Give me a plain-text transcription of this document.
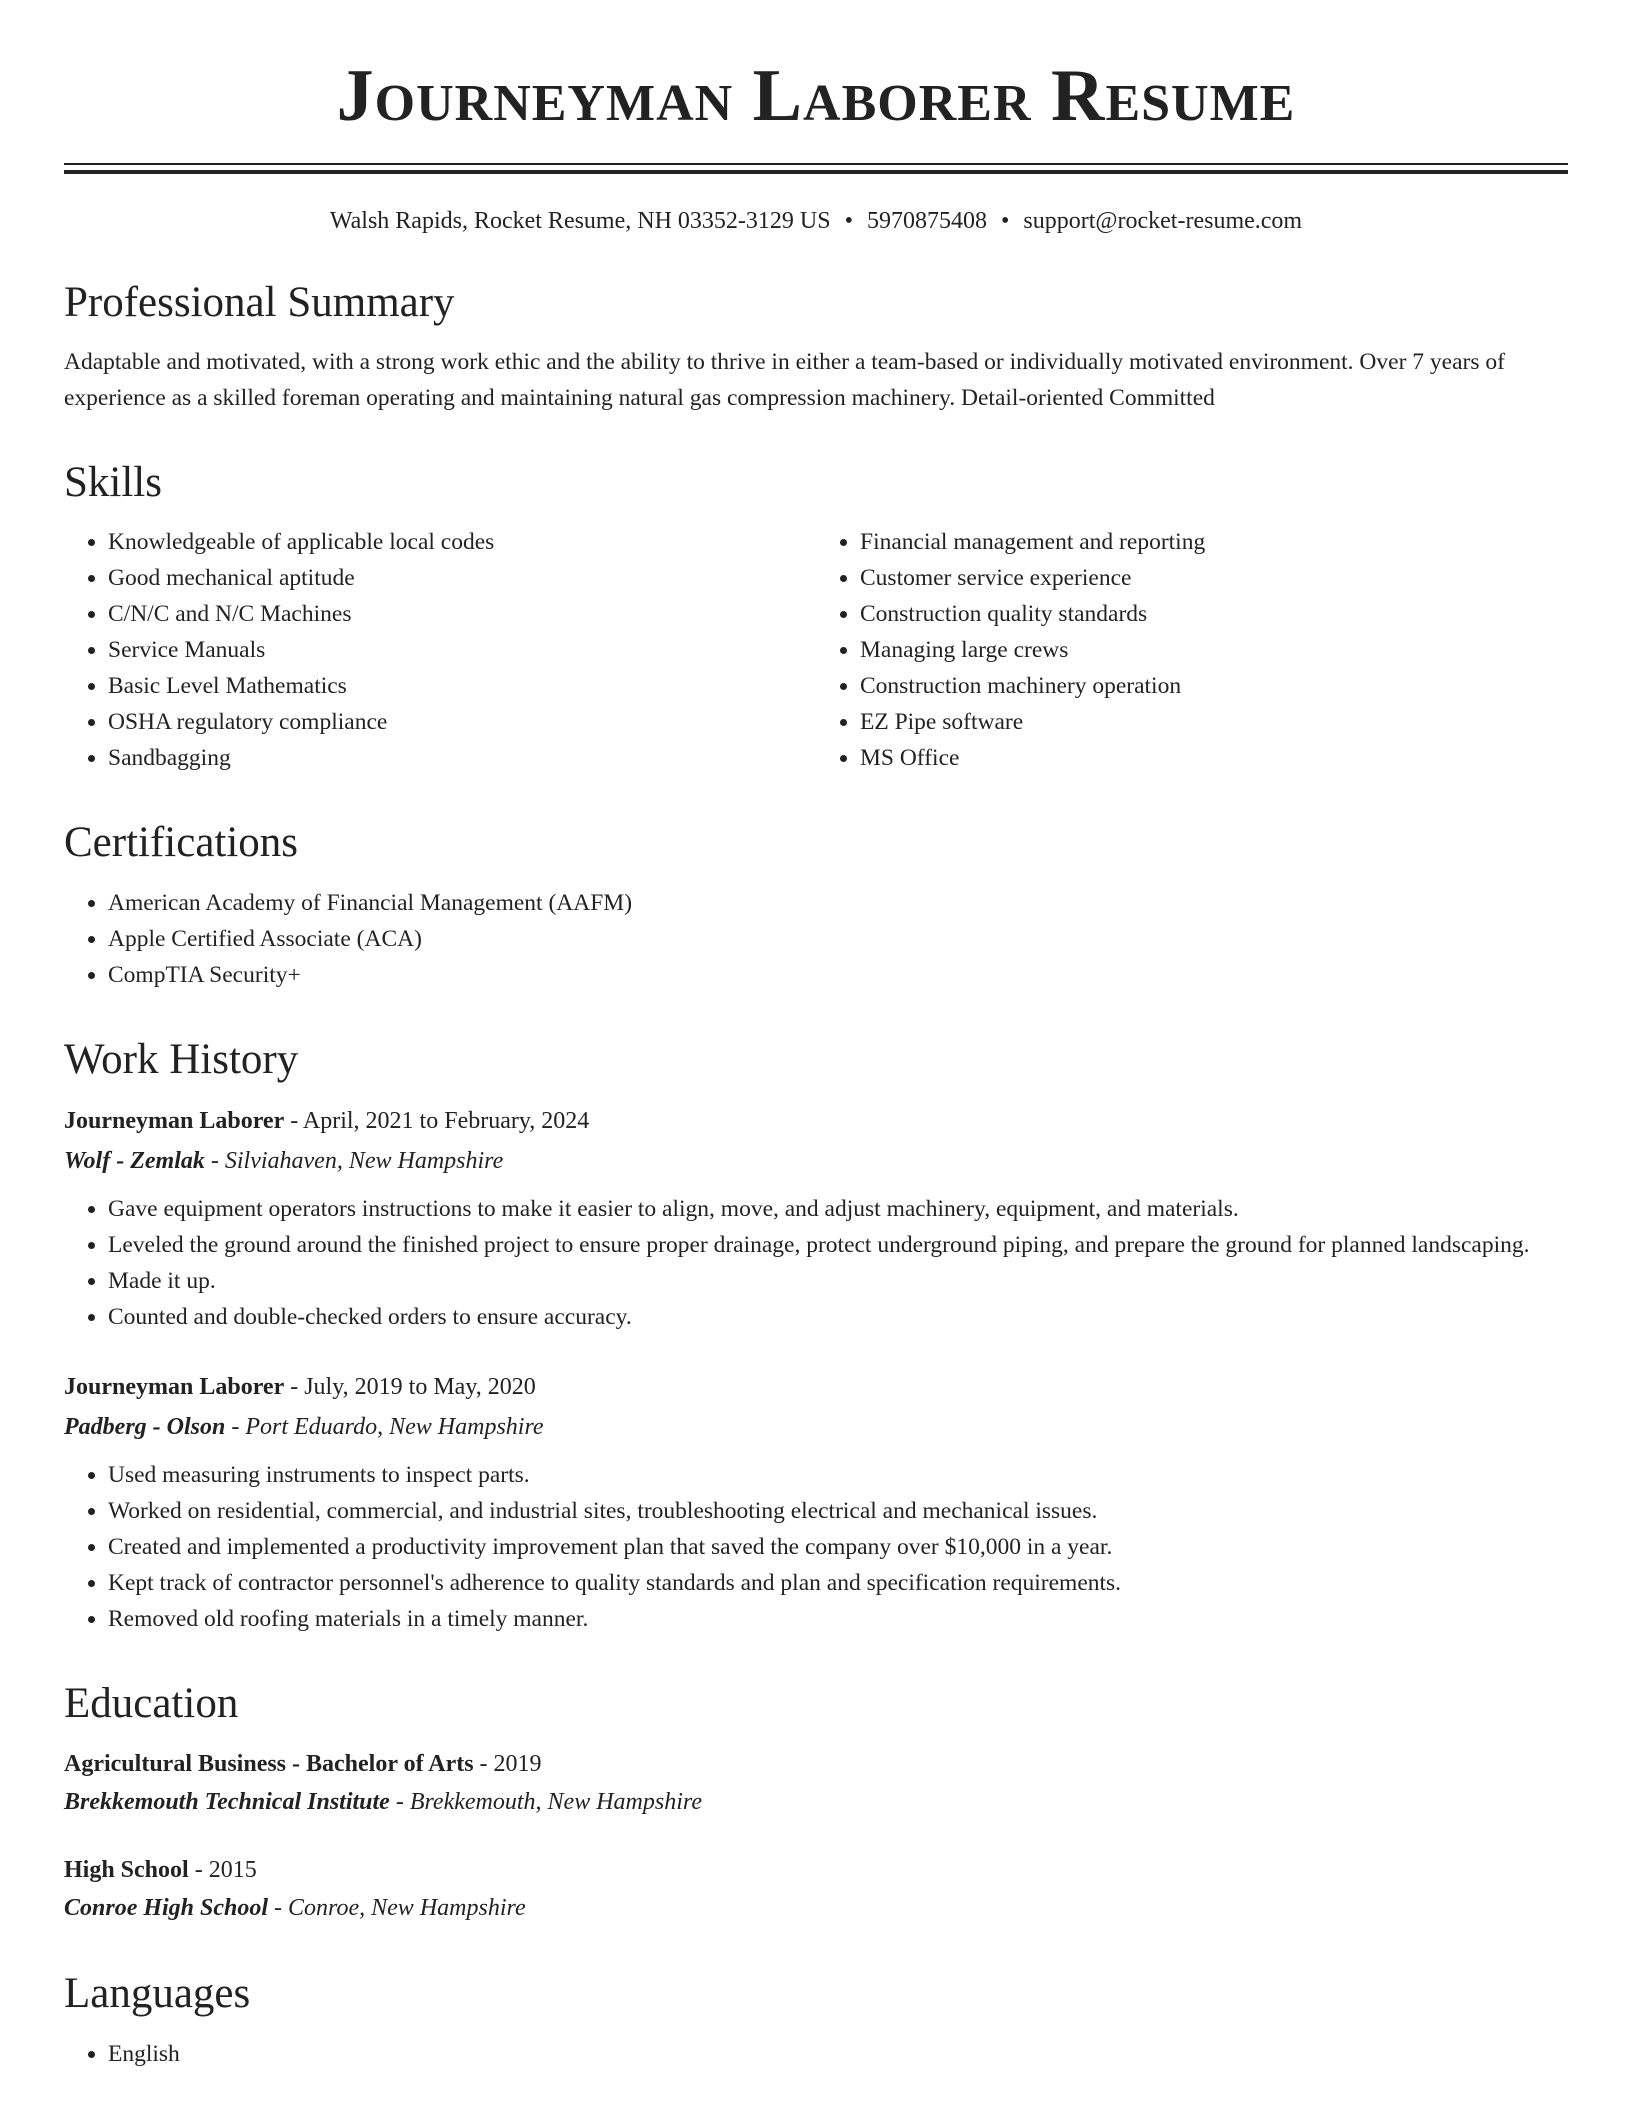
Journeyman Laborer Resume
Walsh Rapids, Rocket Resume, NH 03352-3129 US • 5970875408 • support@rocket-resume.com
Professional Summary

Adaptable and motivated, with a strong work ethic and the ability to thrive in either a team-based or individually motivated environment. Over 7 years of experience as a skilled foreman operating and maintaining natural gas compression machinery. Detail-oriented Committed

Skills
• Knowledgeable of applicable local codes
• Good mechanical aptitude
• C/N/C and N/C Machines
• Service Manuals
• Basic Level Mathematics
• OSHA regulatory compliance
• Sandbagging
• Financial management and reporting
• Customer service experience
• Construction quality standards
• Managing large crews
• Construction machinery operation
• EZ Pipe software
• MS Office
Certifications
• American Academy of Financial Management (AAFM)
• Apple Certified Associate (ACA)
• CompTIA Security+
Work History
Journeyman Laborer - April, 2021 to February, 2024
Wolf - Zemlak - Silviahaven, New Hampshire
• Gave equipment operators instructions to make it easier to align, move, and adjust machinery, equipment, and materials.
• Leveled the ground around the finished project to ensure proper drainage, protect underground piping, and prepare the ground for planned landscaping.
• Made it up.
• Counted and double-checked orders to ensure accuracy.
Journeyman Laborer - July, 2019 to May, 2020
Padberg - Olson - Port Eduardo, New Hampshire
• Used measuring instruments to inspect parts.
• Worked on residential, commercial, and industrial sites, troubleshooting electrical and mechanical issues.
• Created and implemented a productivity improvement plan that saved the company over $10,000 in a year.
• Kept track of contractor personnel's adherence to quality standards and plan and specification requirements.
• Removed old roofing materials in a timely manner.
Education
Agricultural Business - Bachelor of Arts - 2019
Brekkemouth Technical Institute - Brekkemouth, New Hampshire
High School - 2015
Conroe High School - Conroe, New Hampshire
Languages
• English
